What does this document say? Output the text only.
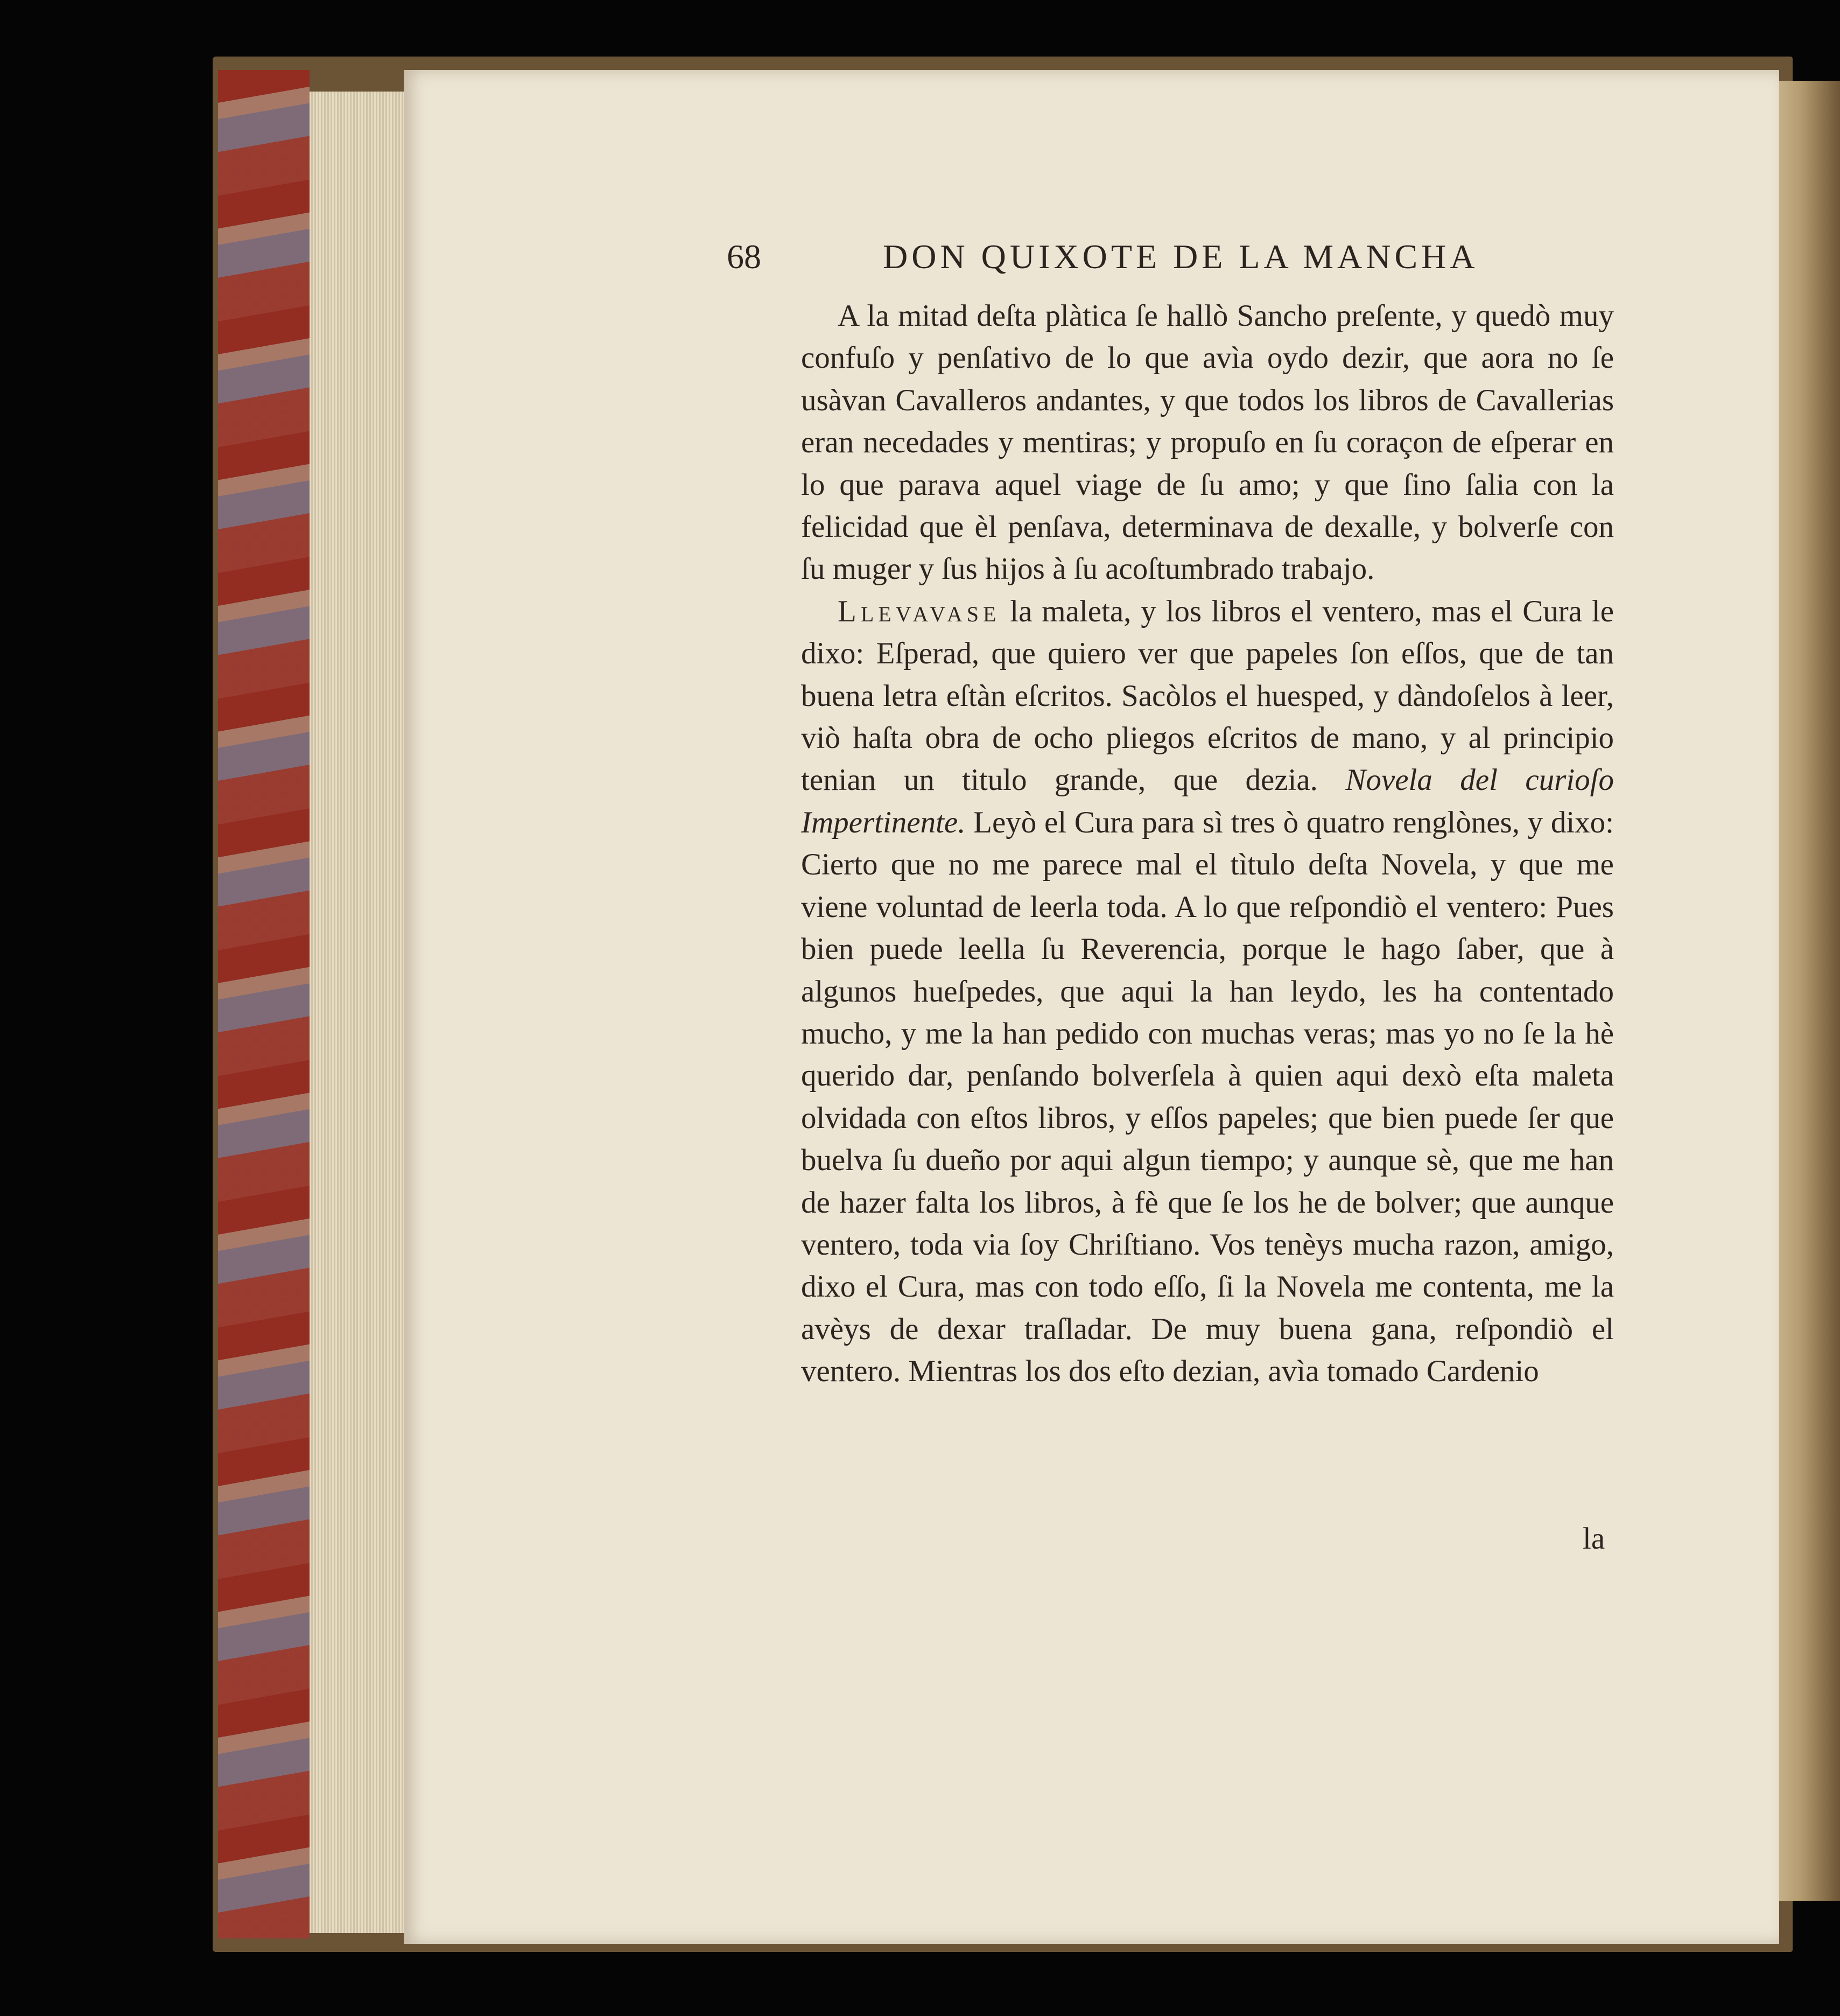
68	DON QUIXOTE DE LA MANCHA

A la mitad deſta plàtica ſe hallò Sancho preſente, y quedò muy confuſo y penſativo de lo que avìa oydo dezir, que aora no ſe usàvan Cavalleros andantes, y que todos los libros de Cavallerias eran necedades y mentiras; y propuſo en ſu coraçon de eſperar en lo que parava aquel viage de ſu amo; y que ſino ſalia con la felicidad que èl penſava, determinava de dexalle, y bolverſe con ſu muger y ſus hijos à ſu acoſtumbrado trabajo.

Llevavase la maleta, y los libros el ventero, mas el Cura le dixo: Eſperad, que quiero ver que papeles ſon eſſos, que de tan buena letra eſtàn eſcritos. Sacòlos el huesped, y dàndoſelos à leer, viò haſta obra de ocho pliegos eſcritos de mano, y al principio tenian un titulo grande, que dezia. Novela del curioſo Impertinente. Leyò el Cura para sì tres ò quatro renglònes, y dixo: Cierto que no me parece mal el tìtulo deſta Novela, y que me viene voluntad de leerla toda. A lo que reſpondiò el ventero: Pues bien puede leella ſu Reverencia, porque le hago ſaber, que à algunos hueſpedes, que aqui la han leydo, les ha contentado mucho, y me la han pedido con muchas veras; mas yo no ſe la hè querido dar, penſando bolverſela à quien aqui dexò eſta maleta olvidada con eſtos libros, y eſſos papeles; que bien puede ſer que buelva ſu dueño por aqui algun tiempo; y aunque sè, que me han de hazer falta los libros, à fè que ſe los he de bolver; que aunque ventero, toda via ſoy Chriſtiano. Vos tenèys mucha razon, amigo, dixo el Cura, mas con todo eſſo, ſi la Novela me contenta, me la avèys de dexar traſladar. De muy buena gana, reſpondiò el ventero. Mientras los dos eſto dezian, avìa tomado Cardenio

la
